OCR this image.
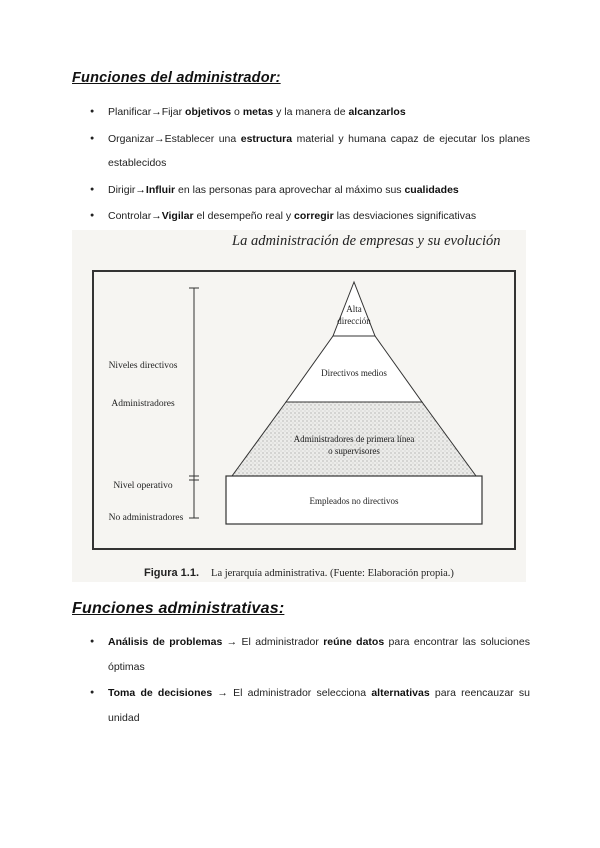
Funciones del administrador:
● Planificar→Fijar objetivos o metas y la manera de alcanzarlos
● Organizar→Establecer una estructura material y humana capaz de ejecutar los planes establecidos
● Dirigir→Influir en las personas para aprovechar al máximo sus cualidades
● Controlar→Vigilar el desempeño real y corregir las desviaciones significativas
La administración de empresas y su evolución
Alta
dirección
Directivos medios
Administradores de primera línea
o supervisores
Empleados no directivos
Niveles directivos
Administradores
Nivel operativo
No administradores
Figura 1.1. La jerarquía administrativa. (Fuente: Elaboración propia.)
Funciones administrativas:
● Análisis de problemas → El administrador reúne datos para encontrar las soluciones óptimas
● Toma de decisiones → El administrador selecciona alternativas para reencauzar su unidad
